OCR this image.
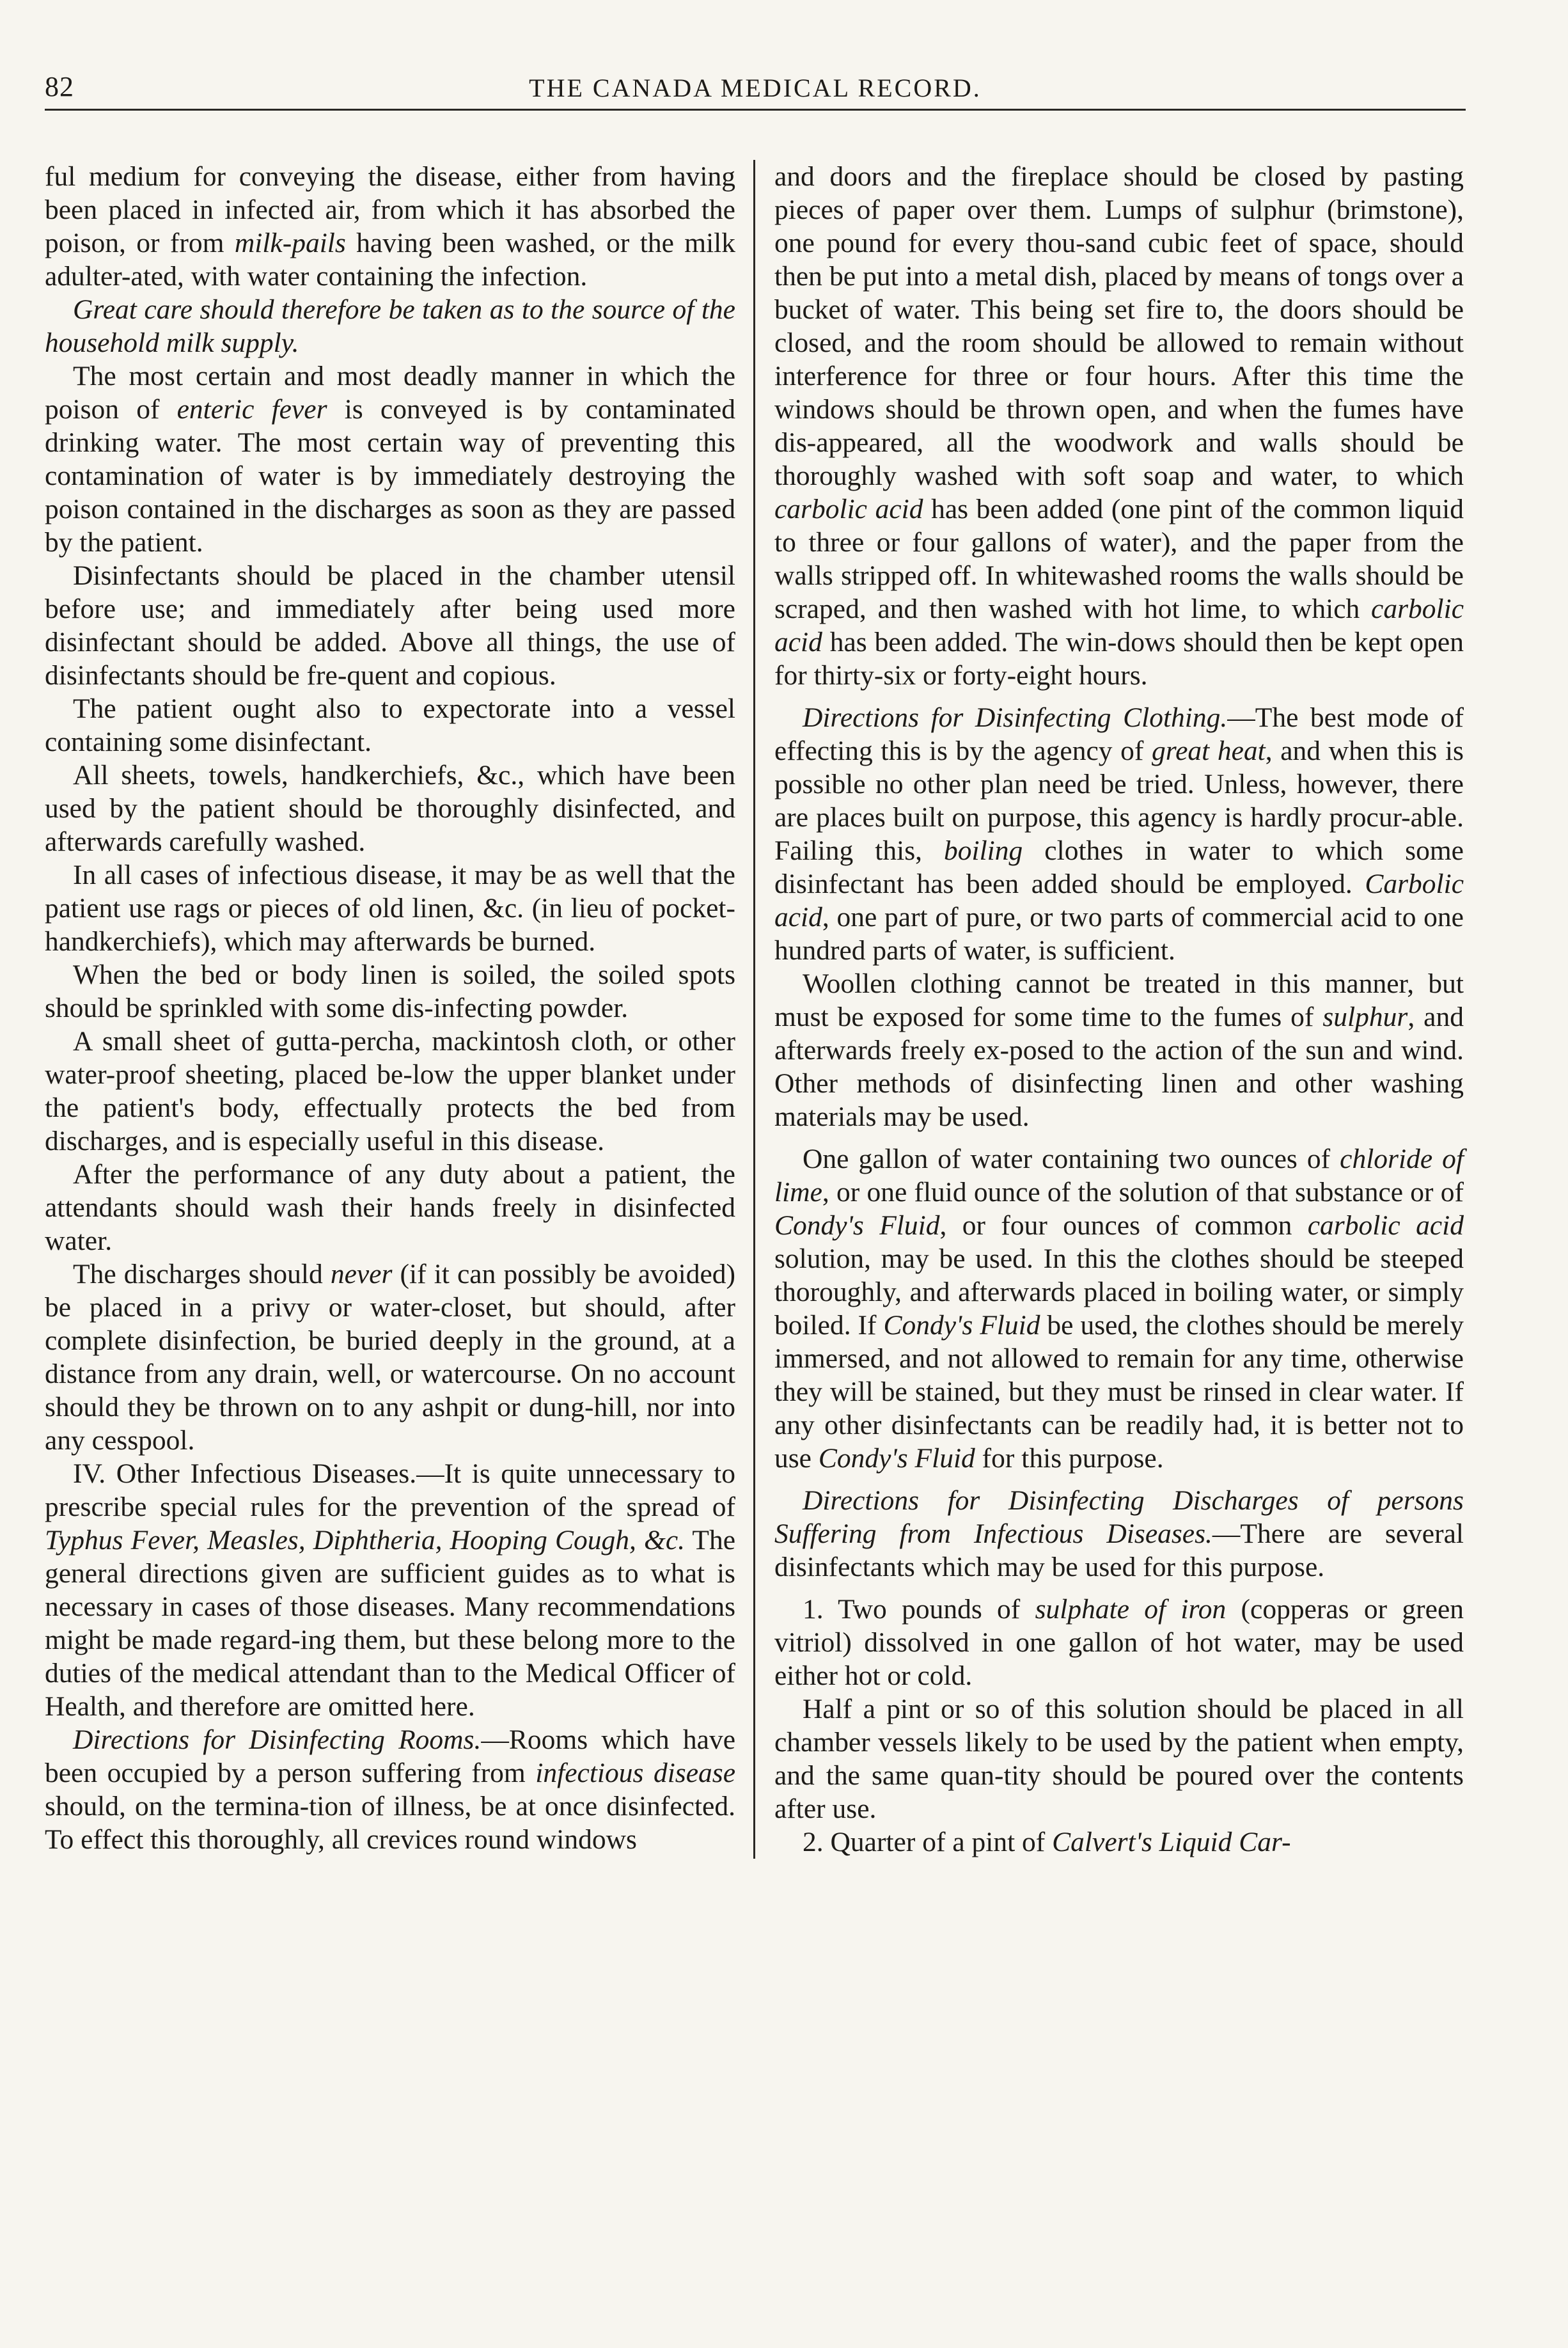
82	THE CANADA MEDICAL RECORD.

ful medium for conveying the disease, either from having been placed in infected air, from which it has absorbed the poison, or from milk-pails having been washed, or the milk adulter-ated, with water containing the infection.

Great care should therefore be taken as to the source of the household milk supply.

The most certain and most deadly manner in which the poison of enteric fever is conveyed is by contaminated drinking water. The most certain way of preventing this contamination of water is by immediately destroying the poison contained in the discharges as soon as they are passed by the patient.

Disinfectants should be placed in the chamber utensil before use; and immediately after being used more disinfectant should be added. Above all things, the use of disinfectants should be fre-quent and copious.

The patient ought also to expectorate into a vessel containing some disinfectant.

All sheets, towels, handkerchiefs, &c., which have been used by the patient should be thoroughly disinfected, and afterwards carefully washed.

In all cases of infectious disease, it may be as well that the patient use rags or pieces of old linen, &c. (in lieu of pocket-handkerchiefs), which may afterwards be burned.

When the bed or body linen is soiled, the soiled spots should be sprinkled with some dis-infecting powder.

A small sheet of gutta-percha, mackintosh cloth, or other water-proof sheeting, placed be-low the upper blanket under the patient's body, effectually protects the bed from discharges, and is especially useful in this disease.

After the performance of any duty about a patient, the attendants should wash their hands freely in disinfected water.

The discharges should never (if it can possibly be avoided) be placed in a privy or water-closet, but should, after complete disinfection, be buried deeply in the ground, at a distance from any drain, well, or watercourse. On no account should they be thrown on to any ashpit or dung-hill, nor into any cesspool.

IV. Other Infectious Diseases.—It is quite unnecessary to prescribe special rules for the prevention of the spread of Typhus Fever, Measles, Diphtheria, Hooping Cough, &c. The general directions given are sufficient guides as to what is necessary in cases of those diseases. Many recommendations might be made regard-ing them, but these belong more to the duties of the medical attendant than to the Medical Officer of Health, and therefore are omitted here.

Directions for Disinfecting Rooms.—Rooms which have been occupied by a person suffering from infectious disease should, on the termina-tion of illness, be at once disinfected. To effect this thoroughly, all crevices round windows

and doors and the fireplace should be closed by pasting pieces of paper over them. Lumps of sulphur (brimstone), one pound for every thou-sand cubic feet of space, should then be put into a metal dish, placed by means of tongs over a bucket of water. This being set fire to, the doors should be closed, and the room should be allowed to remain without interference for three or four hours. After this time the windows should be thrown open, and when the fumes have dis-appeared, all the woodwork and walls should be thoroughly washed with soft soap and water, to which carbolic acid has been added (one pint of the common liquid to three or four gallons of water), and the paper from the walls stripped off. In whitewashed rooms the walls should be scraped, and then washed with hot lime, to which carbolic acid has been added. The win-dows should then be kept open for thirty-six or forty-eight hours.

Directions for Disinfecting Clothing.—The best mode of effecting this is by the agency of great heat, and when this is possible no other plan need be tried. Unless, however, there are places built on purpose, this agency is hardly procur-able. Failing this, boiling clothes in water to which some disinfectant has been added should be employed. Carbolic acid, one part of pure, or two parts of commercial acid to one hundred parts of water, is sufficient.

Woollen clothing cannot be treated in this manner, but must be exposed for some time to the fumes of sulphur, and afterwards freely ex-posed to the action of the sun and wind. Other methods of disinfecting linen and other washing materials may be used.

One gallon of water containing two ounces of chloride of lime, or one fluid ounce of the solution of that substance or of Condy's Fluid, or four ounces of common carbolic acid solution, may be used. In this the clothes should be steeped thoroughly, and afterwards placed in boiling water, or simply boiled. If Condy's Fluid be used, the clothes should be merely immersed, and not allowed to remain for any time, otherwise they will be stained, but they must be rinsed in clear water. If any other disinfectants can be readily had, it is better not to use Condy's Fluid for this purpose.

Directions for Disinfecting Discharges of persons Suffering from Infectious Diseases.—There are several disinfectants which may be used for this purpose.

1. Two pounds of sulphate of iron (copperas or green vitriol) dissolved in one gallon of hot water, may be used either hot or cold.

Half a pint or so of this solution should be placed in all chamber vessels likely to be used by the patient when empty, and the same quan-tity should be poured over the contents after use.

2. Quarter of a pint of Calvert's Liquid Car-
